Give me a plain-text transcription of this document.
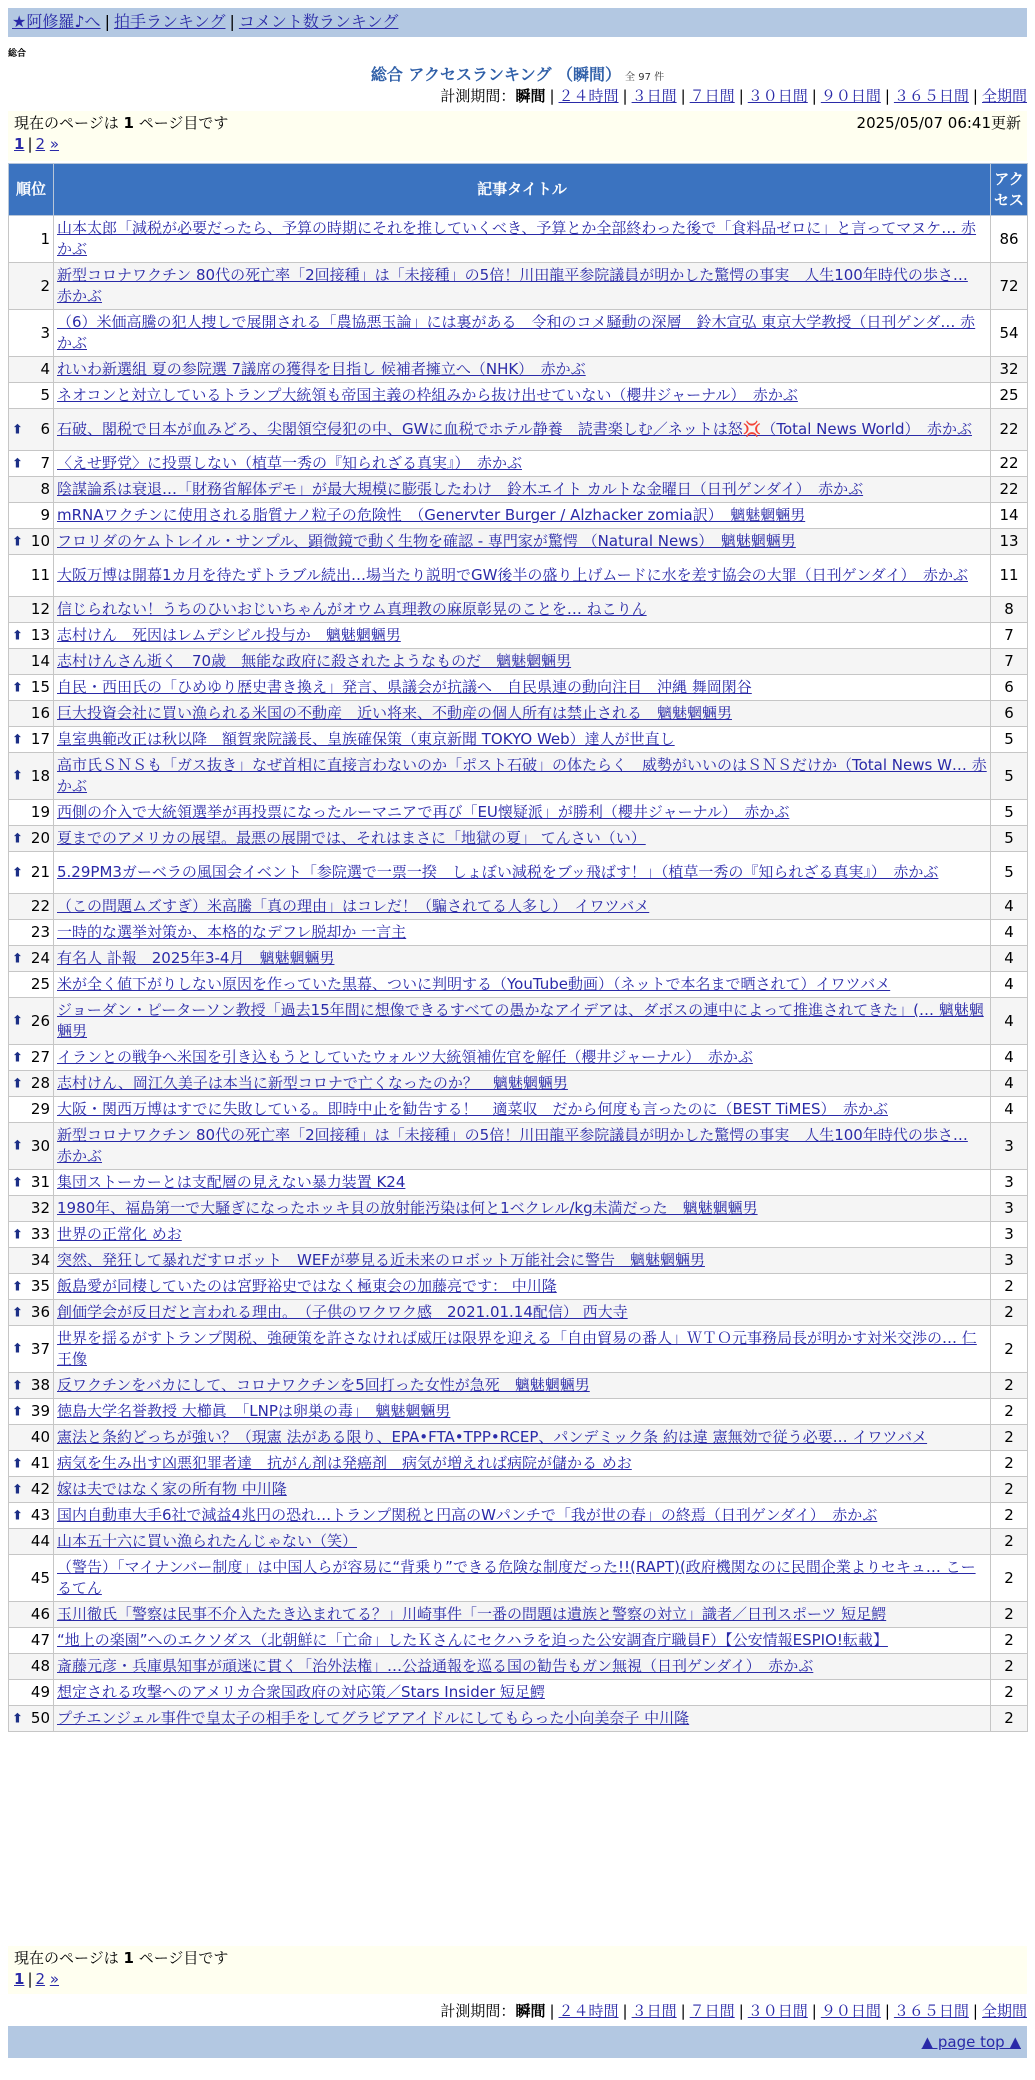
★阿修羅♪へ | 拍手ランキング | コメント数ランキング
総合
総合 アクセスランキング （瞬間） 全 97 件
計測期間：瞬間 | ２４時間 | ３日間 | ７日間 | ３０日間 | ９０日間 | ３６５日間 | 全期間
現在のページは 1 ページ目です	2025/05/07 06:41更新
1 | 2 »
順位	記事タイトル	アクセス
1	山本太郎「減税が必要だったら、予算の時期にそれを推していくべき、予算とか全部終わった後で「食料品ゼロに」と言ってマヌケ… 赤かぶ	86
2	新型コロナワクチン 80代の死亡率「2回接種」は「未接種」の5倍！川田龍平参院議員が明かした驚愕の事実　人生100年時代の歩さ… 赤かぶ	72
3	（6）米価高騰の犯人捜しで展開される「農協悪玉論」には裏がある　令和のコメ騒動の深層　鈴木宣弘 東京大学教授（日刊ゲンダ… 赤かぶ	54
4	れいわ新選組 夏の参院選 7議席の獲得を目指し 候補者擁立へ（NHK）　赤かぶ	32
5	ネオコンと対立しているトランプ大統領も帝国主義の枠組みから抜け出せていない（櫻井ジャーナル）　赤かぶ	25

⬆ 6	石破、閣税で日本が血みどろ、尖閣領空侵犯の中、GWに血税でホテル静養　読書楽しむ／ネットは怒💢（Total News World）　赤かぶ	22

⬆ 7	〈えせ野党〉に投票しない（植草一秀の『知られざる真実』）　赤かぶ	22
8	陰謀論系は衰退…「財務省解体デモ」が最大規模に膨張したわけ　鈴木エイト カルトな金曜日（日刊ゲンダイ）　赤かぶ	22
9	mRNAワクチンに使用される脂質ナノ粒子の危険性　（Genervter Burger / Alzhacker zomia訳）　魑魅魍魎男	14

⬆ 10	フロリダのケムトレイル・サンプル、顕微鏡で動く生物を確認 - 専門家が驚愕 （Natural News）　魑魅魍魎男	13
11	大阪万博は開幕1カ月を待たずトラブル続出…場当たり説明でGW後半の盛り上げムードに水を差す協会の大罪（日刊ゲンダイ）　赤かぶ	11
12	信じられない！うちのひいおじいちゃんがオウム真理教の麻原彰晃のことを… ねこりん	8

⬆ 13	志村けん　死因はレムデシビル投与か　魑魅魍魎男	7
14	志村けんさん逝く　70歳　無能な政府に殺されたようなものだ　魑魅魍魎男	7

⬆ 15	自民・西田氏の「ひめゆり歴史書き換え」発言、県議会が抗議へ　自民県連の動向注目　沖縄 舞岡閑谷	6
16	巨大投資会社に買い漁られる米国の不動産　近い将来、不動産の個人所有は禁止される　魑魅魍魎男	6

⬆ 17	皇室典範改正は秋以降　額賀衆院議長、皇族確保策（東京新聞 TOKYO Web）達人が世直し	5

⬆ 18	高市氏ＳＮＳも「ガス抜き」なぜ首相に直接言わないのか「ポスト石破」の体たらく　威勢がいいのはＳＮＳだけか（Total News W… 赤かぶ	5
19	西側の介入で大統領選挙が再投票になったルーマニアで再び「EU懐疑派」が勝利（櫻井ジャーナル）　赤かぶ	5

⬆ 20	夏までのアメリカの展望。最悪の展開では、それはまさに「地獄の夏」 てんさい（い）	5

⬆ 21	5.29PM3ガーベラの風国会イベント「参院選で一票一揆　しょぼい減税をブッ飛ばす！」（植草一秀の『知られざる真実』）　赤かぶ	5
22	（この問題ムズすぎ）米高騰「真の理由」はコレだ！（騙されてる人多し）　イワツバメ	4
23	一時的な選挙対策か、本格的なデフレ脱却か 一言主	4

⬆ 24	有名人 訃報　2025年3-4月　魑魅魍魎男	4
25	米が全く値下がりしない原因を作っていた黒幕、ついに判明する（YouTube動画）（ネットで本名まで晒されて）イワツバメ	4

⬆ 26	ジョーダン・ピーターソン教授「過去15年間に想像できるすべての愚かなアイデアは、ダボスの連中によって推進されてきた」(… 魑魅魍魎男	4

⬆ 27	イランとの戦争へ米国を引き込もうとしていたウォルツ大統領補佐官を解任（櫻井ジャーナル）　赤かぶ	4

⬆ 28	志村けん、岡江久美子は本当に新型コロナで亡くなったのか？　魑魅魍魎男	4
29	大阪・関西万博はすでに失敗している。即時中止を勧告する！　適菜収　だから何度も言ったのに（BEST TiMES）　赤かぶ	4

⬆ 30	新型コロナワクチン 80代の死亡率「2回接種」は「未接種」の5倍！川田龍平参院議員が明かした驚愕の事実　人生100年時代の歩さ… 赤かぶ	3

⬆ 31	集団ストーカーとは支配層の見えない暴力装置 K24	3
32	1980年、福島第一で大騒ぎになったホッキ貝の放射能汚染は何と1ベクレル/kg未満だった　魑魅魍魎男	3

⬆ 33	世界の正常化 めお	3
34	突然、発狂して暴れだすロボット　WEFが夢見る近未来のロボット万能社会に警告　魑魅魍魎男	3

⬆ 35	飯島愛が同棲していたのは宮野裕史ではなく極東会の加藤亮です： 中川隆	2

⬆ 36	創価学会が反日だと言われる理由。　（子供のワクワク感　2021.01.14配信） 西大寺	2

⬆ 37	世界を揺るがすトランプ関税、強硬策を許さなければ威圧は限界を迎える「自由貿易の番人」ＷＴＯ元事務局長が明かす対米交渉の… 仁王像	2

⬆ 38	反ワクチンをバカにして、コロナワクチンを5回打った女性が急死　魑魅魍魎男	2

⬆ 39	徳島大学名誉教授 大櫛眞　「LNPは卵巣の毒」　魑魅魍魎男	2
40	憲法と条約どっちが強い？（現憲 法がある限り、EPA•FTA•TPP•RCEP、パンデミック条 約は違 憲無効で従う必要… イワツバメ	2

⬆ 41	病気を生み出す凶悪犯罪者達　抗がん剤は発癌剤　病気が増えれば病院が儲かる めお	2

⬆ 42	嫁は夫ではなく家の所有物 中川隆	2

⬆ 43	国内自動車大手6社で減益4兆円の恐れ…トランプ関税と円高のWパンチで「我が世の春」の終焉（日刊ゲンダイ）　赤かぶ	2
44	山本五十六に買い漁られたんじゃない（笑）	2
45	（警告）「マイナンバー制度」は中国人らが容易に“背乗り”できる危険な制度だった!!(RAPT)(政府機関なのに民間企業よりセキュ… こーるてん	2
46	玉川徹氏「警察は民事不介入たたき込まれてる？」川崎事件「一番の問題は遺族と警察の対立」識者／日刊スポーツ 短足鰐	2
47	“地上の楽園”へのエクソダス（北朝鮮に「亡命」したＫさんにセクハラを迫った公安調査庁職員F）【公安情報ESPIO!転載】	2
48	斎藤元彦・兵庫県知事が頑迷に貫く「治外法権」…公益通報を巡る国の勧告もガン無視（日刊ゲンダイ）　赤かぶ	2
49	想定される攻撃へのアメリカ合衆国政府の対応策／Stars Insider 短足鰐	2

⬆ 50	プチエンジェル事件で皇太子の相手をしてグラビアアイドルにしてもらった小向美奈子 中川隆	2
現在のページは 1 ページ目です
1 | 2 »
計測期間：瞬間 | ２４時間 | ３日間 | ７日間 | ３０日間 | ９０日間 | ３６５日間 | 全期間
▲ page top ▲
